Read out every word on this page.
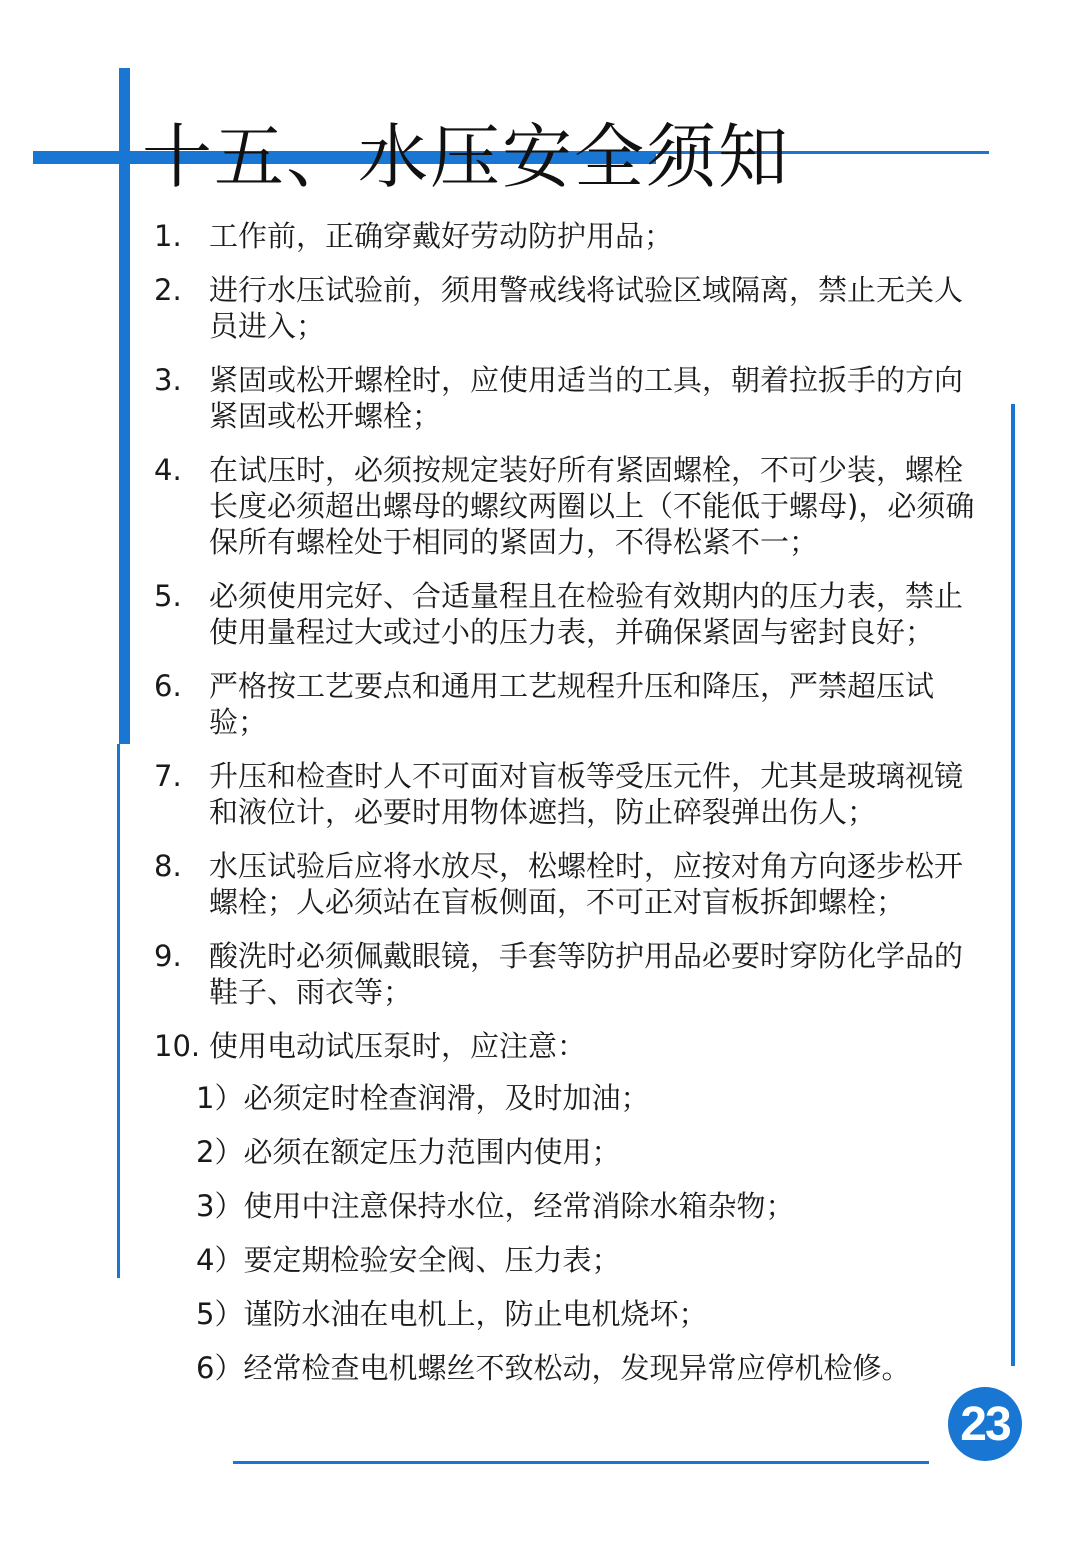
十五、水压安全须知
1. 工作前，正确穿戴好劳动防护用品；
2. 进行水压试验前，须用警戒线将试验区域隔离，禁止无关人员进入；
3. 紧固或松开螺栓时，应使用适当的工具，朝着拉扳手的方向紧固或松开螺栓；
4. 在试压时，必须按规定装好所有紧固螺栓，不可少装，螺栓长度必须超出螺母的螺纹两圈以上（不能低于螺母)，必须确保所有螺栓处于相同的紧固力，不得松紧不一；
5. 必须使用完好、合适量程且在检验有效期内的压力表，禁止使用量程过大或过小的压力表，并确保紧固与密封良好；
6. 严格按工艺要点和通用工艺规程升压和降压，严禁超压试验；
7. 升压和检查时人不可面对盲板等受压元件，尤其是玻璃视镜和液位计，必要时用物体遮挡，防止碎裂弹出伤人；
8. 水压试验后应将水放尽，松螺栓时，应按对角方向逐步松开螺栓；人必须站在盲板侧面，不可正对盲板拆卸螺栓；
9. 酸洗时必须佩戴眼镜，手套等防护用品必要时穿防化学品的鞋子、雨衣等；
10. 使用电动试压泵时，应注意：
1）必须定时栓查润滑，及时加油；
2）必须在额定压力范围内使用；
3）使用中注意保持水位，经常消除水箱杂物；
4）要定期检验安全阀、压力表；
5）谨防水油在电机上，防止电机烧坏；
6）经常检查电机螺丝不致松动，发现异常应停机检修。
23
